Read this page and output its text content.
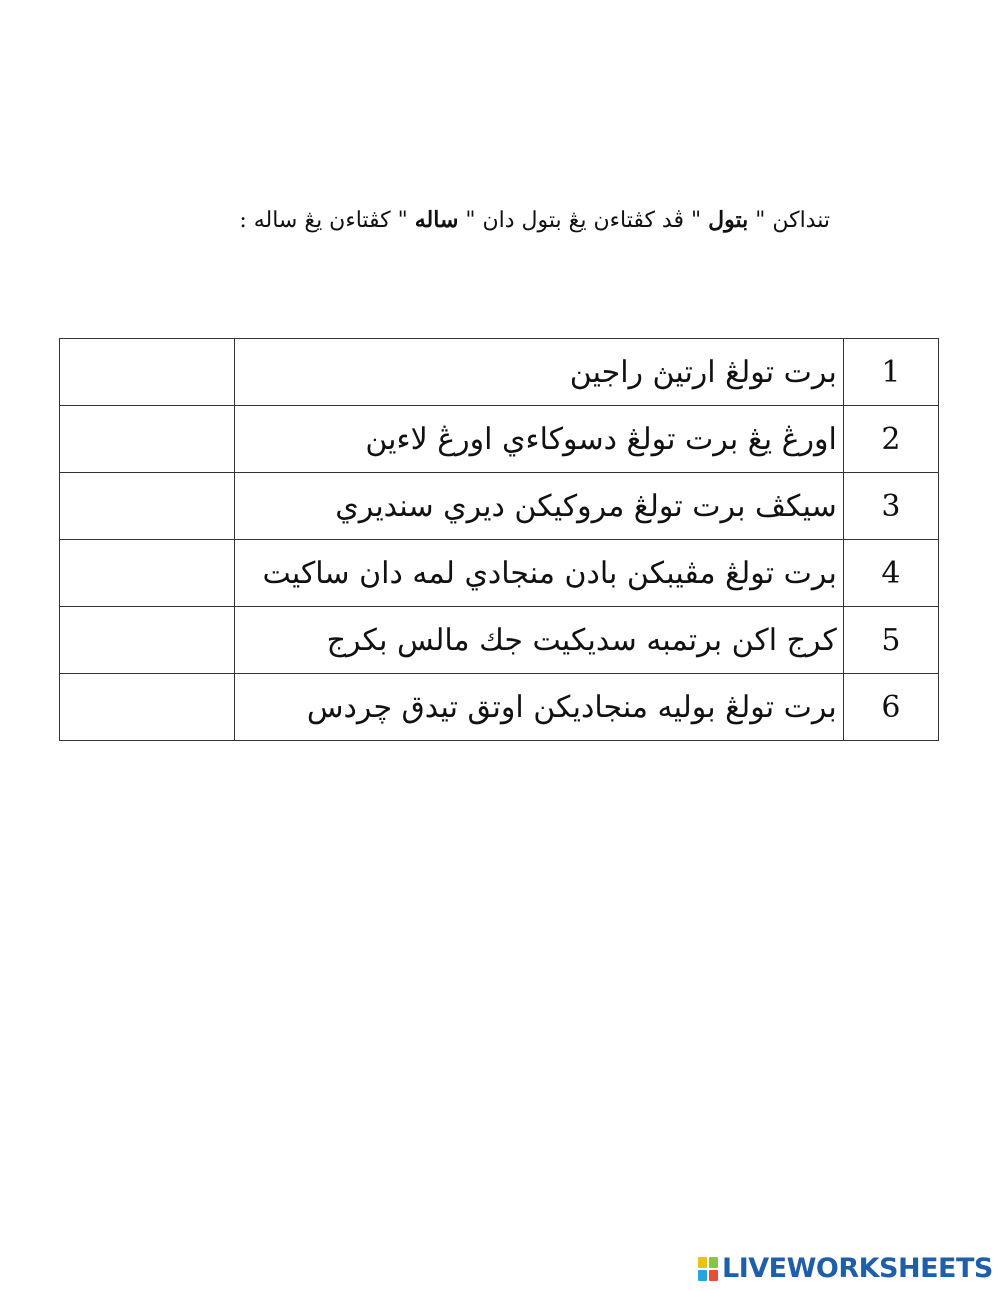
تنداكن " بتول " ڤد كڤتاءن يڠ بتول دان " ساله " كڤتاءن يڠ ساله :
1	برت تولڠ ارتيڽ راجين	

2	اورڠ يڠ برت تولڠ دسوكاءي اورڠ لاءين	

3	سيكڤ برت تولڠ مروكيكن ديري سنديري	

4	برت تولڠ مڤيبكن بادن منجادي لمه دان ساكيت	

5	كرج اكن برتمبه سديكيت جك مالس بكرج	

6	برت تولڠ بوليه منجاديكن اوتق تيدق چردس	
LIVEWORKSHEETS
